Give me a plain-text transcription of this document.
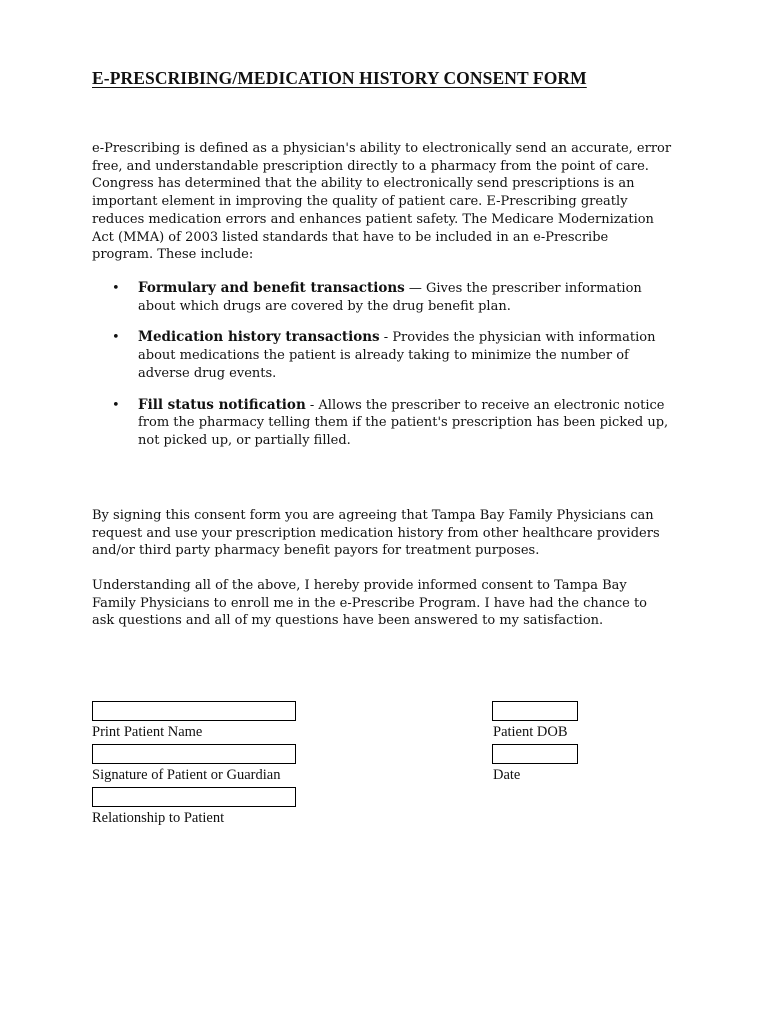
E-PRESCRIBING/MEDICATION HISTORY CONSENT FORM

e-Prescribing is defined as a physician's ability to electronically send an accurate, error free, and understandable prescription directly to a pharmacy from the point of care. Congress has determined that the ability to electronically send prescriptions is an important element in improving the quality of patient care. E-Prescribing greatly reduces medication errors and enhances patient safety. The Medicare Modernization Act (MMA) of 2003 listed standards that have to be included in an e-Prescribe program. These include:

• Formulary and benefit transactions — Gives the prescriber information about which drugs are covered by the drug benefit plan.
• Medication history transactions - Provides the physician with information about medications the patient is already taking to minimize the number of adverse drug events.
• Fill status notification - Allows the prescriber to receive an electronic notice from the pharmacy telling them if the patient's prescription has been picked up, not picked up, or partially filled.

By signing this consent form you are agreeing that Tampa Bay Family Physicians can request and use your prescription medication history from other healthcare providers and/or third party pharmacy benefit payors for treatment purposes.

Understanding all of the above, I hereby provide informed consent to Tampa Bay Family Physicians to enroll me in the e-Prescribe Program. I have had the chance to ask questions and all of my questions have been answered to my satisfaction.

Print Patient Name	Patient DOB
Signature of Patient or Guardian	Date
Relationship to Patient
